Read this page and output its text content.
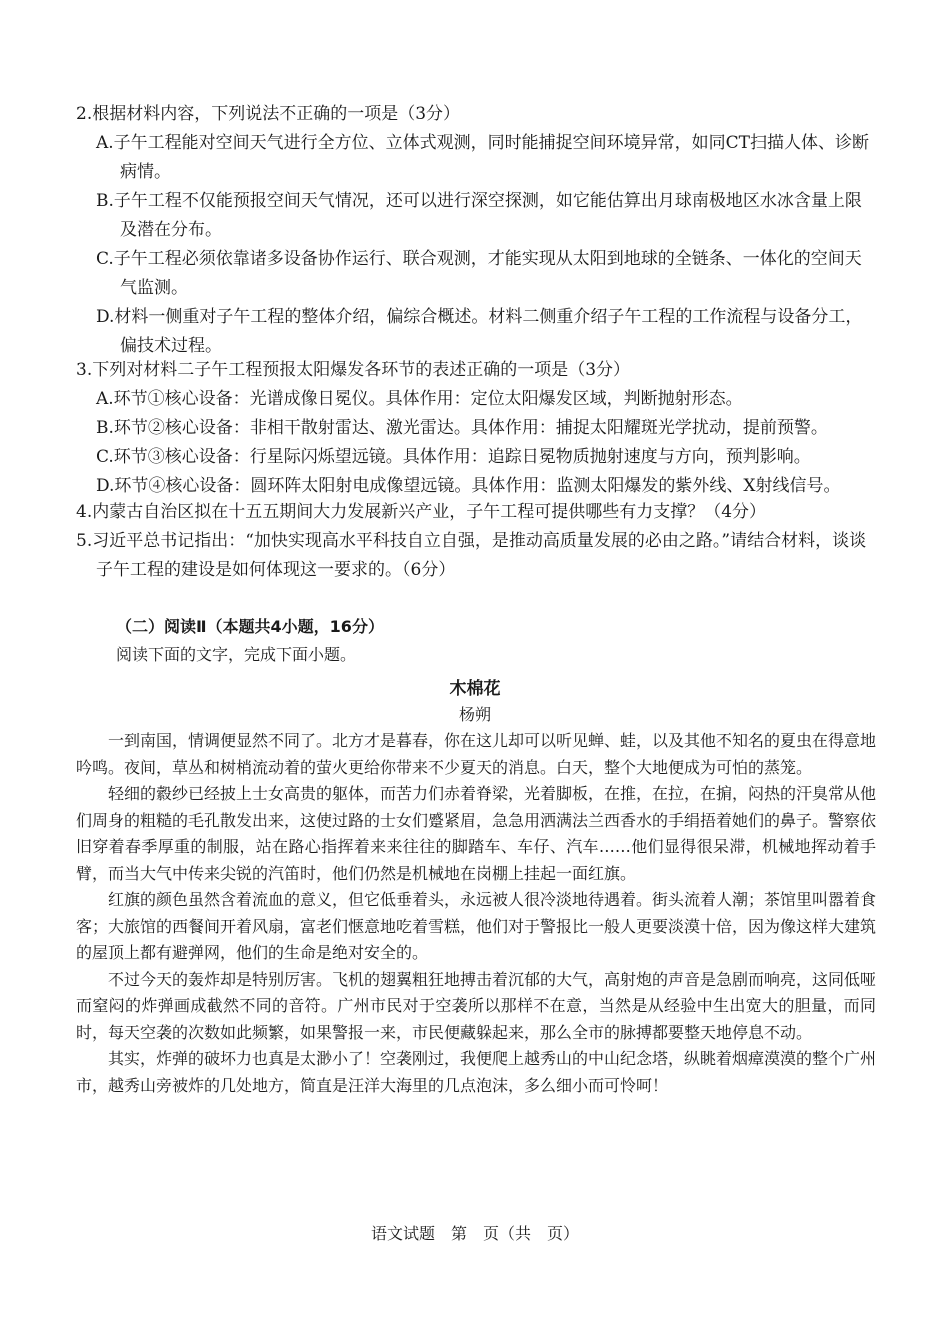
2.根据材料内容，下列说法不正确的一项是（3分）
A.子午工程能对空间天气进行全方位、立体式观测，同时能捕捉空间环境异常，如同CT扫描人体、诊断病情。
B.子午工程不仅能预报空间天气情况，还可以进行深空探测，如它能估算出月球南极地区水冰含量上限及潜在分布。
C.子午工程必须依靠诸多设备协作运行、联合观测，才能实现从太阳到地球的全链条、一体化的空间天气监测。
D.材料一侧重对子午工程的整体介绍，偏综合概述。材料二侧重介绍子午工程的工作流程与设备分工，偏技术过程。
3.下列对材料二子午工程预报太阳爆发各环节的表述正确的一项是（3分）
A.环节①核心设备：光谱成像日冕仪。具体作用：定位太阳爆发区域，判断抛射形态。
B.环节②核心设备：非相干散射雷达、激光雷达。具体作用：捕捉太阳耀斑光学扰动，提前预警。
C.环节③核心设备：行星际闪烁望远镜。具体作用：追踪日冕物质抛射速度与方向，预判影响。
D.环节④核心设备：圆环阵太阳射电成像望远镜。具体作用：监测太阳爆发的紫外线、X射线信号。
4.内蒙古自治区拟在十五五期间大力发展新兴产业，子午工程可提供哪些有力支撑？（4分）
5.习近平总书记指出：“加快实现高水平科技自立自强，是推动高质量发展的必由之路。”请结合材料，谈谈子午工程的建设是如何体现这一要求的。（6分）
（二）阅读Ⅱ（本题共4小题，16分）
阅读下面的文字，完成下面小题。
木棉花
杨朔

一到南国，情调便显然不同了。北方才是暮春，你在这儿却可以听见蝉、蛙，以及其他不知名的夏虫在得意地吟鸣。夜间，草丛和树梢流动着的萤火更给你带来不少夏天的消息。白天，整个大地便成为可怕的蒸笼。

轻细的縠纱已经披上士女高贵的躯体，而苦力们赤着脊梁，光着脚板，在推，在拉，在掮，闷热的汗臭常从他们周身的粗糙的毛孔散发出来，这使过路的士女们蹙紧眉，急急用洒满法兰西香水的手绢捂着她们的鼻子。警察依旧穿着春季厚重的制服，站在路心指挥着来来往往的脚踏车、车仔、汽车……他们显得很呆滞，机械地挥动着手臂，而当大气中传来尖锐的汽笛时，他们仍然是机械地在岗棚上挂起一面红旗。

红旗的颜色虽然含着流血的意义，但它低垂着头，永远被人很冷淡地待遇着。街头流着人潮；茶馆里叫嚣着食客；大旅馆的西餐间开着风扇，富老们惬意地吃着雪糕，他们对于警报比一般人更要淡漠十倍，因为像这样大建筑的屋顶上都有避弹网，他们的生命是绝对安全的。

不过今天的轰炸却是特别厉害。飞机的翅翼粗狂地搏击着沉郁的大气，高射炮的声音是急剧而响亮，这同低哑而窒闷的炸弹画成截然不同的音符。广州市民对于空袭所以那样不在意，当然是从经验中生出宽大的胆量，而同时，每天空袭的次数如此频繁，如果警报一来，市民便藏躲起来，那么全市的脉搏都要整天地停息不动。

其实，炸弹的破坏力也真是太渺小了！空袭刚过，我便爬上越秀山的中山纪念塔，纵眺着烟瘴漠漠的整个广州市，越秀山旁被炸的几处地方，简直是汪洋大海里的几点泡沫，多么细小而可怜呵！

语文试题　第　页（共　页）
